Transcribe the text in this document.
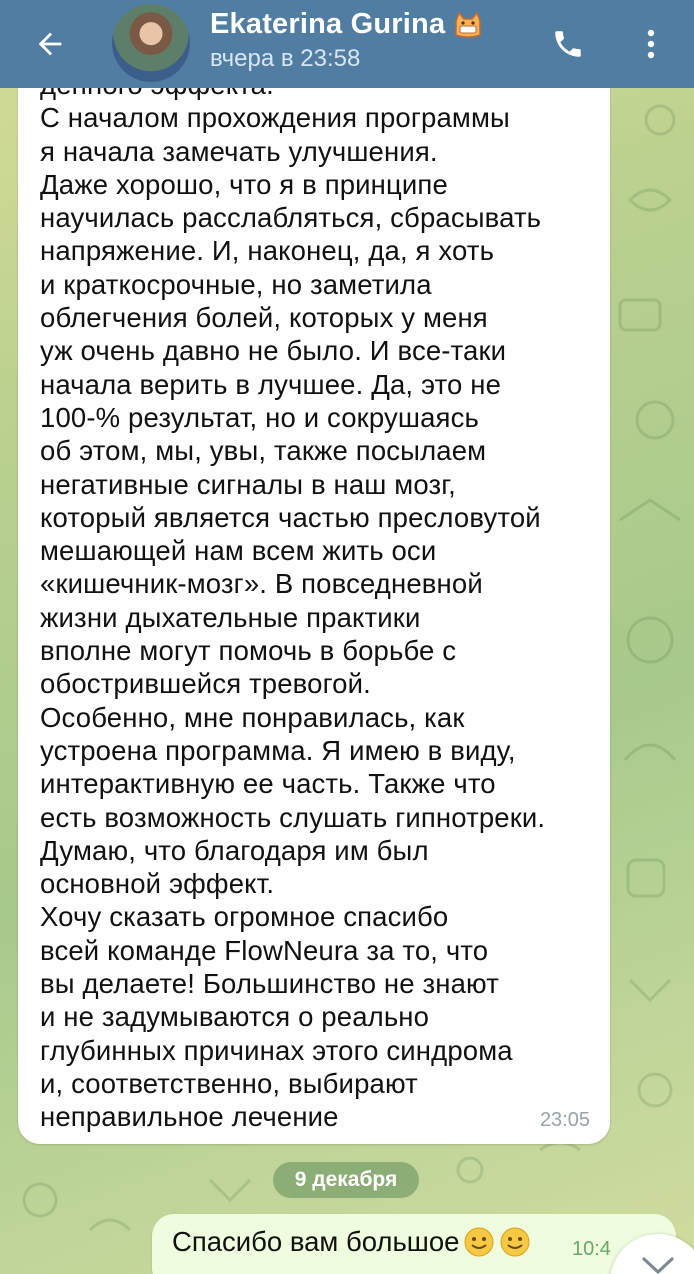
С началом прохождения программы
я начала замечать улучшения.
Даже хорошо, что я в принципе
научилась расслабляться, сбрасывать
напряжение. И, наконец, да, я хоть
и краткосрочные, но заметила
облегчения болей, которых у меня
уж очень давно не было. И все-таки
начала верить в лучшее. Да, это не
100-% результат, но и сокрушаясь
об этом, мы, увы, также посылаем
негативные сигналы в наш мозг,
который является частью пресловутой
мешающей нам всем жить оси
«кишечник-мозг». В повседневной
жизни дыхательные практики
вполне могут помочь в борьбе с
обострившейся тревогой.
Особенно, мне понравилась, как
устроена программа. Я имею в виду,
интерактивную ее часть. Также что
есть возможность слушать гипнотреки.
Думаю, что благодаря им был
основной эффект.
Хочу сказать огромное спасибо
всей команде FlowNeura за то, что
вы делаете! Большинство не знают
и не задумываются о реально
глубинных причинах этого синдрома
и, соответственно, выбирают
неправильное лечение	23:05
Ekaterina Gurina
вчера в 23:58
9 декабря
Спасибо вам большое	10:4
